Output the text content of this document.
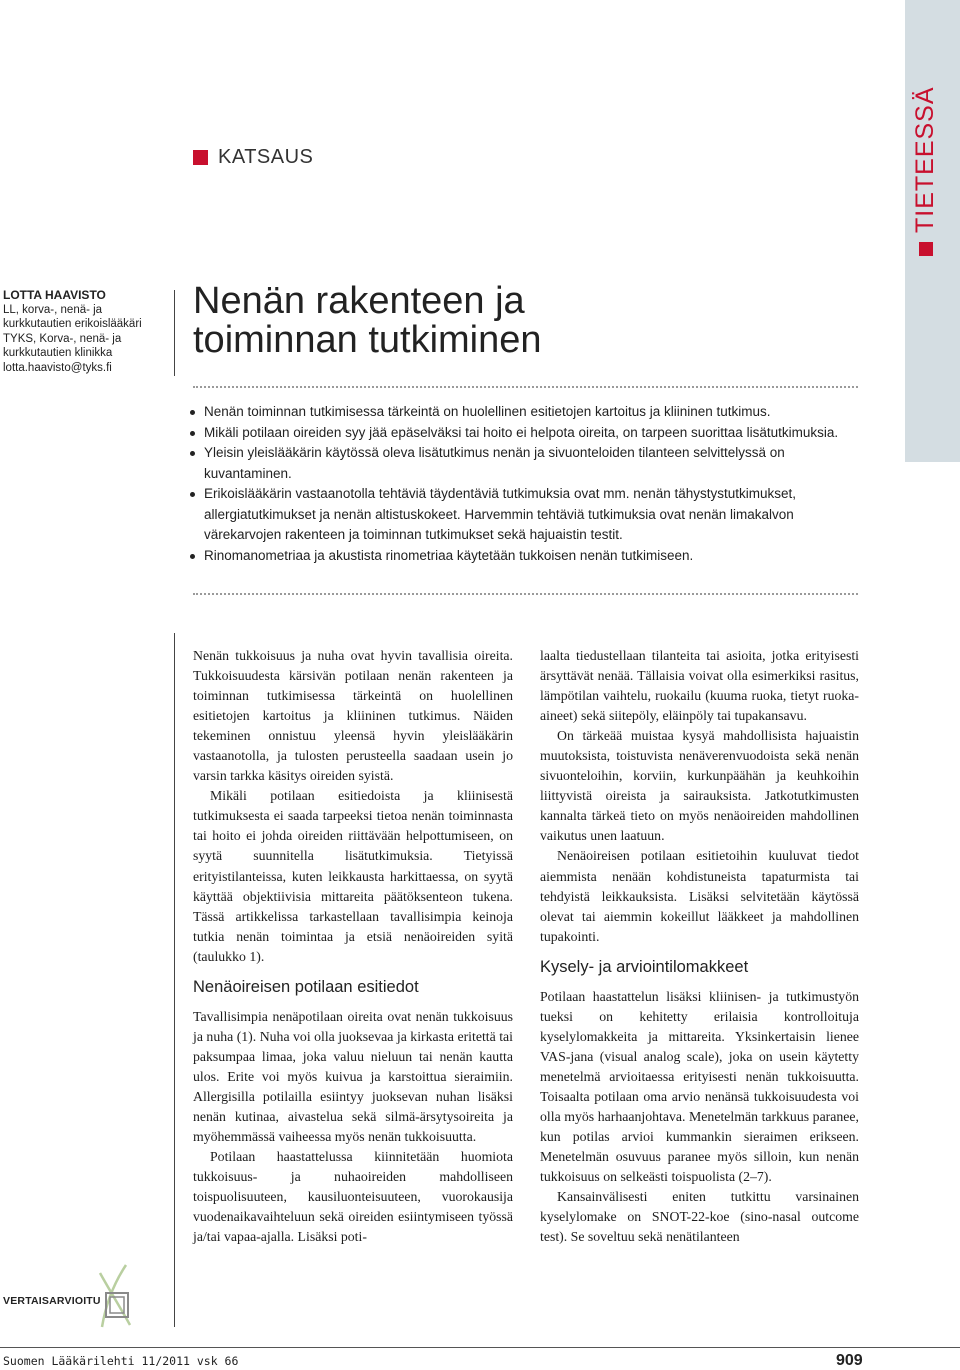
TIETEESSÄ
KATSAUS
LOTTA HAAVISTO
LL, korva-, nenä- ja
kurkkutautien erikoislääkäri
TYKS, Korva-, nenä- ja
kurkkutautien klinikka
lotta.haavisto@tyks.fi
Nenän rakenteen ja
toiminnan tutkiminen
Nenän toiminnan tutkimisessa tärkeintä on huolellinen esitietojen kartoitus ja kliininen tutkimus.
Mikäli potilaan oireiden syy jää epäselväksi tai hoito ei helpota oireita, on tarpeen suorittaa lisätutkimuksia.
Yleisin yleislääkärin käytössä oleva lisätutkimus nenän ja sivuonteloiden tilanteen selvittelyssä on kuvantaminen.
Erikoislääkärin vastaanotolla tehtäviä täydentäviä tutkimuksia ovat mm. nenän tähystystutkimukset, allergiatutkimukset ja nenän altistuskokeet. Harvemmin tehtäviä tutkimuksia ovat nenän limakalvon värekarvojen rakenteen ja toiminnan tutkimukset sekä hajuaistin testit.
Rinomanometriaa ja akustista rinometriaa käytetään tukkoisen nenän tutkimiseen.

Nenän tukkoisuus ja nuha ovat hyvin tavallisia oireita. Tukkoisuudesta kärsivän potilaan nenän rakenteen ja toiminnan tutkimisessa tärkeintä on huolellinen esitietojen kartoitus ja kliininen tutkimus. Näiden tekeminen onnistuu yleensä hyvin yleislääkärin vastaanotolla, ja tulosten perusteella saadaan usein jo varsin tarkka käsitys oireiden syistä.

Mikäli potilaan esitiedoista ja kliinisestä tutkimuksesta ei saada tarpeeksi tietoa nenän toiminnasta tai hoito ei johda oireiden riittävään helpottumiseen, on syytä suunnitella lisätutkimuksia. Tietyissä erityistilanteissa, kuten leikkausta harkittaessa, on syytä käyttää objektiivisia mittareita päätöksenteon tukena. Tässä artikkelissa tarkastellaan tavallisimpia keinoja tutkia nenän toimintaa ja etsiä nenäoireiden syitä (taulukko 1).

Nenäoireisen potilaan esitiedot

Tavallisimpia nenäpotilaan oireita ovat nenän tukkoisuus ja nuha (1). Nuha voi olla juoksevaa ja kirkasta eritettä tai paksumpaa limaa, joka valuu nieluun tai nenän kautta ulos. Erite voi myös kuivua ja karstoittua sieraimiin. Allergisilla potilailla esiintyy juoksevan nuhan lisäksi nenän kutinaa, aivastelua sekä silmä-ärsytysoireita ja myöhemmässä vaiheessa myös nenän tukkoisuutta.

Potilaan haastattelussa kiinnitetään huomiota tukkoisuus- ja nuhaoireiden mahdolliseen toispuolisuuteen, kausiluonteisuuteen, vuorokausija vuodenaikavaihteluun sekä oireiden esiintymiseen työssä ja/tai vapaa-ajalla. Lisäksi poti-

laalta tiedustellaan tilanteita tai asioita, jotka erityisesti ärsyttävät nenää. Tällaisia voivat olla esimerkiksi rasitus, lämpötilan vaihtelu, ruokailu (kuuma ruoka, tietyt ruoka-aineet) sekä siitepöly, eläinpöly tai tupakansavu.

On tärkeää muistaa kysyä mahdollisista hajuaistin muutoksista, toistuvista nenäverenvuodoista sekä nenän sivuonteloihin, korviin, kurkunpäähän ja keuhkoihin liittyvistä oireista ja sairauksista. Jatkotutkimusten kannalta tärkeä tieto on myös nenäoireiden mahdollinen vaikutus unen laatuun.

Nenäoireisen potilaan esitietoihin kuuluvat tiedot aiemmista nenään kohdistuneista tapaturmista tai tehdyistä leikkauksista. Lisäksi selvitetään käytössä olevat tai aiemmin kokeillut lääkkeet ja mahdollinen tupakointi.

Kysely- ja arviointilomakkeet

Potilaan haastattelun lisäksi kliinisen- ja tutkimustyön tueksi on kehitetty erilaisia kontrolloituja kyselylomakkeita ja mittareita. Yksinkertaisin lienee VAS-jana (visual analog scale), joka on usein käytetty menetelmä arvioitaessa erityisesti nenän tukkoisuutta. Toisaalta potilaan oma arvio nenänsä tukkoisuudesta voi olla myös harhaanjohtava. Menetelmän tarkkuus paranee, kun potilas arvioi kummankin sieraimen erikseen. Menetelmän osuvuus paranee myös silloin, kun nenän tukkoisuus on selkeästi toispuolista (2–7).

Kansainvälisesti eniten tutkittu varsinainen kyselylomake on SNOT-22-koe (sino-nasal outcome test). Se soveltuu sekä nenätilanteen

VERTAISARVIOITU
Suomen Lääkärilehti 11/2011 vsk 66	909
